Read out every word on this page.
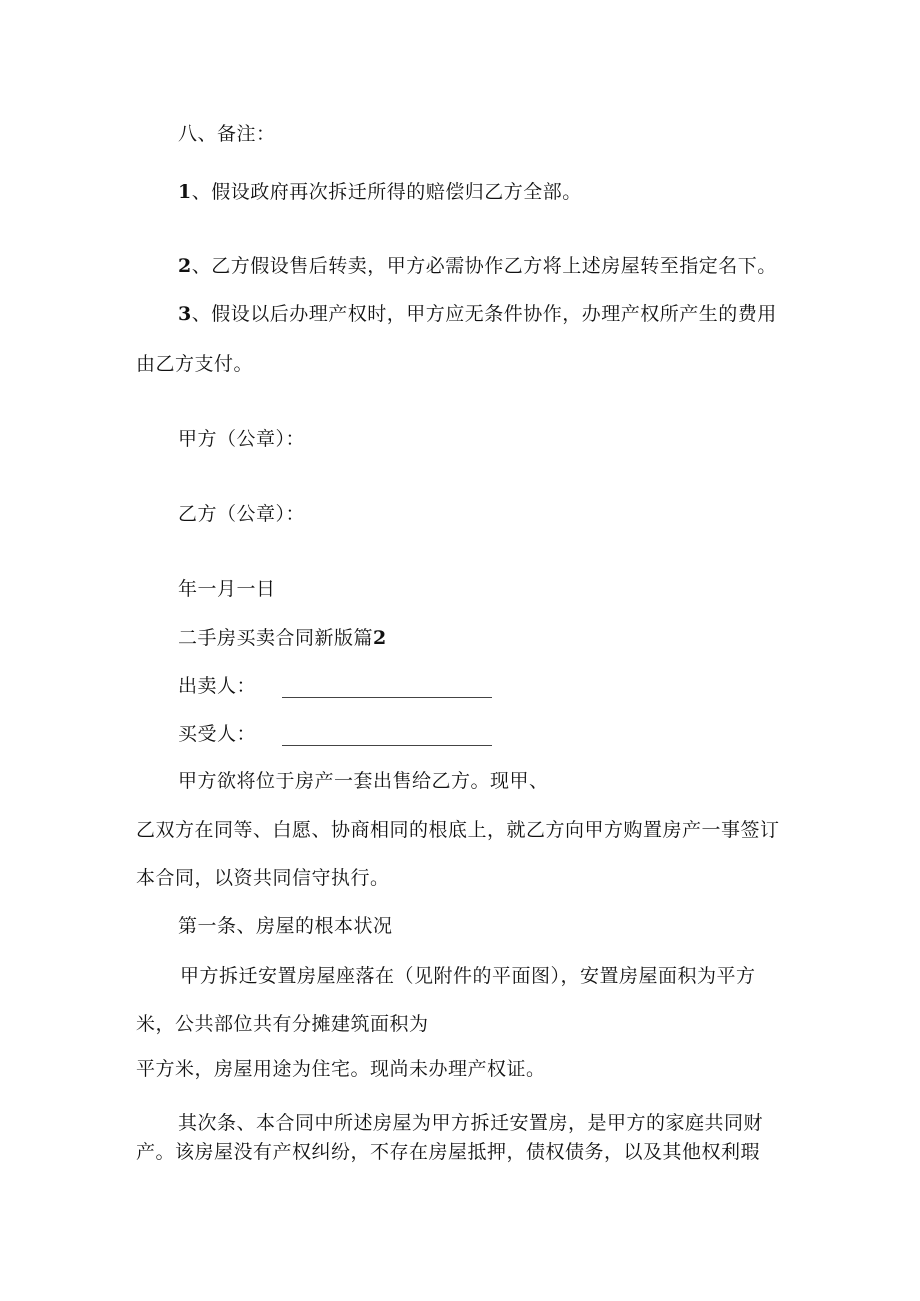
八、备注：
1、假设政府再次拆迁所得的赔偿归乙方全部。
2、乙方假设售后转卖，甲方必需协作乙方将上述房屋转至指定名下。
3、假设以后办理产权时，甲方应无条件协作，办理产权所产生的费用
由乙方支付。
甲方（公章）：
乙方（公章）：
年一月一日
二手房买卖合同新版篇2
出卖人：
买受人：
甲方欲将位于房产一套出售给乙方。现甲、
乙双方在同等、白愿、协商相同的根底上，就乙方向甲方购置房产一事签订
本合同，以资共同信守执行。
第一条、房屋的根本状况
甲方拆迁安置房屋座落在（见附件的平面图），安置房屋面积为平方
米，公共部位共有分摊建筑面积为
平方米，房屋用途为住宅。现尚未办理产权证。
其次条、本合同中所述房屋为甲方拆迁安置房，是甲方的家庭共同财
产。该房屋没有产权纠纷，不存在房屋抵押，债权债务，以及其他权利瑕
